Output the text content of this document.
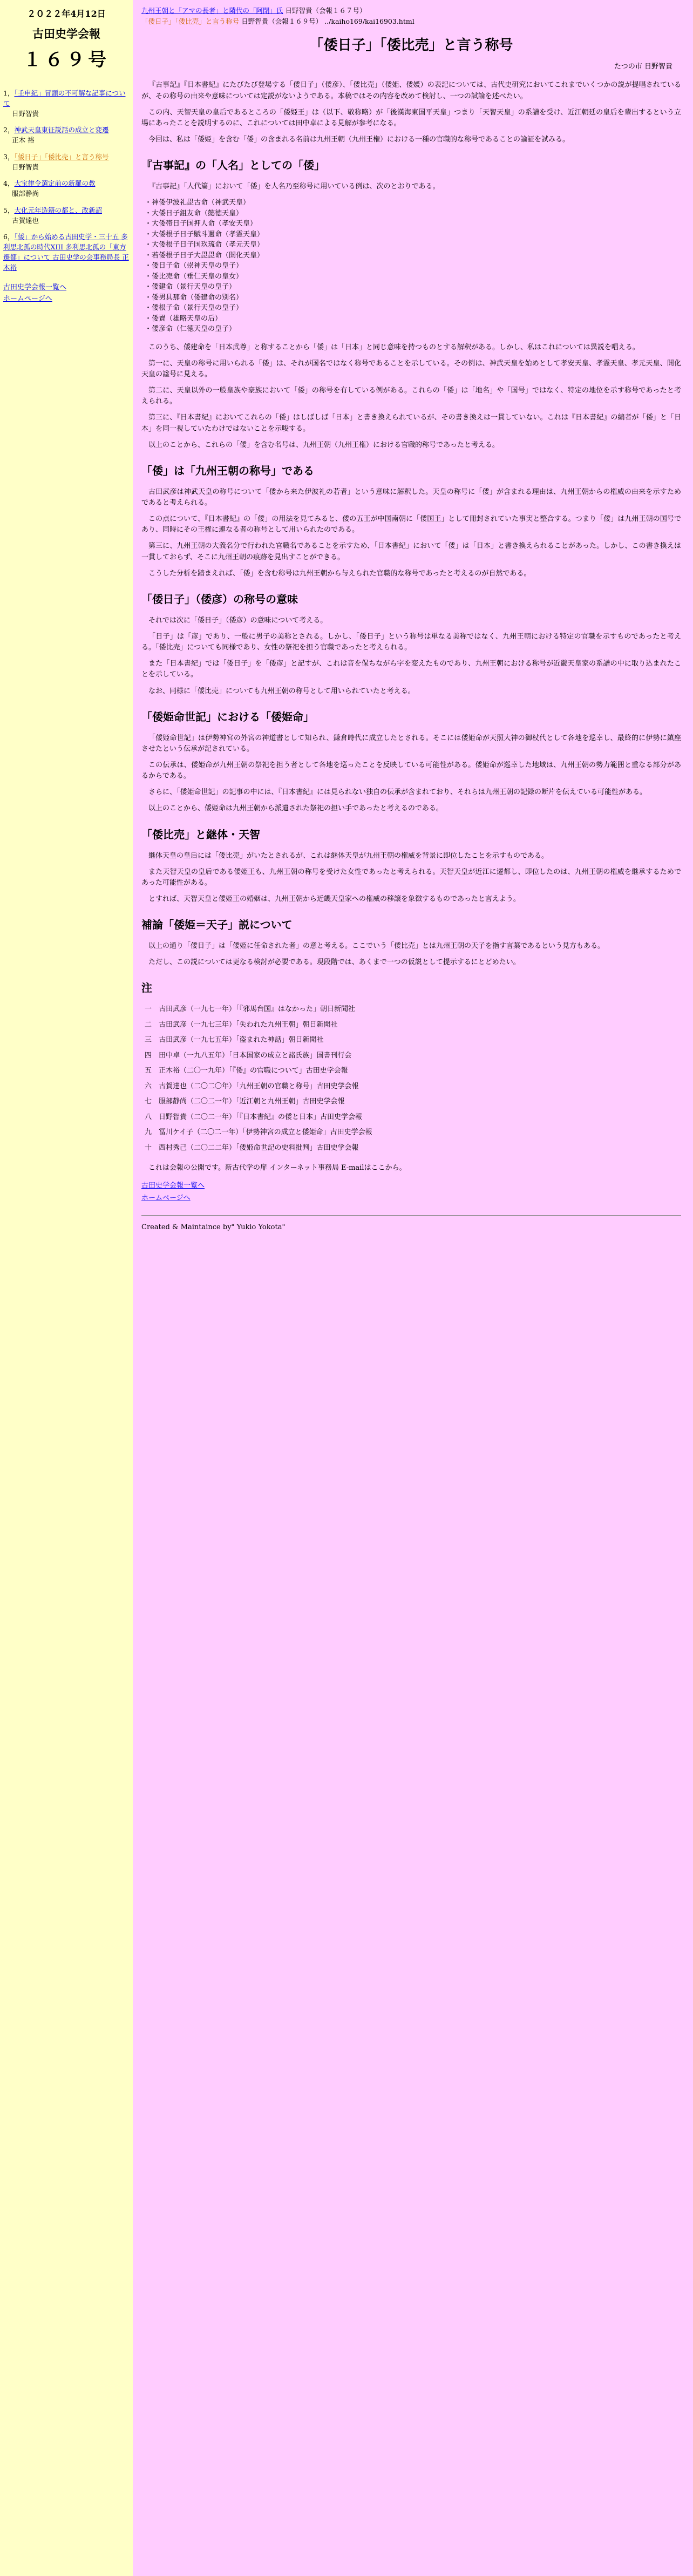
２０２２年4月12日
古田史学会報
１６９号
1，「壬申紀」冒頭の不可解な記事について
日野智貴
2，神武天皇東征説話の成立と変遷
正木 裕
3，「倭日子」「倭比売」と言う称号
日野智貴
4，大宝律令選定前の新羅の教
服部静尚
5，大化元年造籍の都と、改新詔
古賀達也
6，「倭」から始める古田史学・三十五 多利思北孤の時代XIII 多利思北孤の「東方遷都」について 古田史学の会事務局長 正木裕
古田史学会報一覧へ
ホームページへ
九州王朝と「アマの長者」と隣代の「阿閉」氏 日野智貴（会報１６７号）
「倭日子」「倭比売」と言う称号 日野智貴（会報１６９号） ../kaiho169/kai16903.html
「倭日子」「倭比売」と言う称号
たつの市 日野智貴

『古事記』『日本書紀』にたびたび登場する「倭日子」（倭彦）、「倭比売」（倭姫、倭媛）の表記については、古代史研究においてこれまでいくつかの説が提唱されているが、その称号の由来や意味については定説がないようである。本稿ではその内容を改めて検討し、一つの試論を述べたい。

この内、天智天皇の皇后であるところの「倭姫王」は（以下、敬称略）が「後漢海東国平天皇」つまり「天智天皇」の系譜を受け、近江朝廷の皇后を輩出するという立場にあったことを説明するのに、これについては田中卓による見解が参考になる。

今回は、私は「倭姫」を含む「倭」の含まれる名前は九州王朝（九州王権）における一種の官職的な称号であることの論証を試みる。

『古事記』の「人名」としての「倭」

『古事記』「人代篇」において「倭」を人名乃至称号に用いている例は、次のとおりである。

・神倭伊波礼毘古命（神武天皇）
・大倭日子鉏友命（懿徳天皇）
・大倭帯日子国押人命（孝安天皇）
・大倭根子日子賦斗邇命（孝霊天皇）
・大倭根子日子国玖琉命（孝元天皇）
・若倭根子日子大毘毘命（開化天皇）
・倭日子命（崇神天皇の皇子）
・倭比売命（垂仁天皇の皇女）
・倭建命（景行天皇の皇子）
・倭男具那命（倭建命の別名）
・倭根子命（景行天皇の皇子）
・倭賣（雄略天皇の后）
・倭彦命（仁徳天皇の皇子）

このうち、倭建命を「日本武尊」と称することから「倭」は「日本」と同じ意味を持つものとする解釈がある。しかし、私はこれについては異説を唱える。

第一に、天皇の称号に用いられる「倭」は、それが国名ではなく称号であることを示している。その例は、神武天皇を始めとして孝安天皇、孝霊天皇、孝元天皇、開化天皇の諡号に見える。

第二に、天皇以外の一般皇族や豪族において「倭」の称号を有している例がある。これらの「倭」は「地名」や「国号」ではなく、特定の地位を示す称号であったと考えられる。

第三に、『日本書紀』においてこれらの「倭」はしばしば「日本」と書き換えられているが、その書き換えは一貫していない。これは『日本書紀』の編者が「倭」と「日本」を同一視していたわけではないことを示唆する。

以上のことから、これらの「倭」を含む名号は、九州王朝（九州王権）における官職的称号であったと考える。

「倭」は「九州王朝の称号」である

古田武彦は神武天皇の称号について「倭から来た伊波礼の若者」という意味に解釈した。天皇の称号に「倭」が含まれる理由は、九州王朝からの権威の由来を示すためであると考えられる。

この点について、『日本書紀』の「倭」の用法を見てみると、倭の五王が中国南朝に「倭国王」として冊封されていた事実と整合する。つまり「倭」は九州王朝の国号であり、同時にその王権に連なる者の称号として用いられたのである。

第三に、九州王朝の大義名分で行われた官職名であることを示すため、「日本書紀」において「倭」は「日本」と書き換えられることがあった。しかし、この書き換えは一貫しておらず、そこに九州王朝の痕跡を見出すことができる。

こうした分析を踏まえれば、「倭」を含む称号は九州王朝から与えられた官職的な称号であったと考えるのが自然である。

「倭日子」（倭彦）の称号の意味

それでは次に「倭日子」（倭彦）の意味について考える。

「日子」は「彦」であり、一般に男子の美称とされる。しかし、「倭日子」という称号は単なる美称ではなく、九州王朝における特定の官職を示すものであったと考える。「倭比売」についても同様であり、女性の祭祀を担う官職であったと考えられる。

また「日本書紀」では「倭日子」を「倭彦」と記すが、これは音を保ちながら字を変えたものであり、九州王朝における称号が近畿天皇家の系譜の中に取り込まれたことを示している。

なお、同様に「倭比売」についても九州王朝の称号として用いられていたと考える。

「倭姫命世記」における「倭姫命」

「倭姫命世記」は伊勢神宮の外宮の神道書として知られ、鎌倉時代に成立したとされる。そこには倭姫命が天照大神の御杖代として各地を巡幸し、最終的に伊勢に鎮座させたという伝承が記されている。

この伝承は、倭姫命が九州王朝の祭祀を担う者として各地を巡ったことを反映している可能性がある。倭姫命が巡幸した地域は、九州王朝の勢力範囲と重なる部分があるからである。

さらに、「倭姫命世記」の記事の中には、『日本書紀』には見られない独自の伝承が含まれており、それらは九州王朝の記録の断片を伝えている可能性がある。

以上のことから、倭姫命は九州王朝から派遣された祭祀の担い手であったと考えるのである。

「倭比売」と継体・天智

継体天皇の皇后には「倭比売」がいたとされるが、これは継体天皇が九州王朝の権威を背景に即位したことを示すものである。

また天智天皇の皇后である倭姫王も、九州王朝の称号を受けた女性であったと考えられる。天智天皇が近江に遷都し、即位したのは、九州王朝の権威を継承するためであった可能性がある。

とすれば、天智天皇と倭姫王の婚姻は、九州王朝から近畿天皇家への権威の移譲を象徴するものであったと言えよう。

補論「倭姫＝天子」説について

以上の通り「倭日子」は「倭姫に任命された者」の意と考える。ここでいう「倭比売」とは九州王朝の天子を指す言葉であるという見方もある。

ただし、この説については更なる検討が必要である。現段階では、あくまで一つの仮説として提示するにとどめたい。

注
一　古田武彦（一九七一年）「『邪馬台国』はなかった」朝日新聞社
二　古田武彦（一九七三年）「失われた九州王朝」朝日新聞社
三　古田武彦（一九七五年）「盗まれた神話」朝日新聞社
四　田中卓（一九八五年）「日本国家の成立と諸氏族」国書刊行会
五　正木裕（二〇一九年）「『倭』の官職について」古田史学会報
六　古賀達也（二〇二〇年）「九州王朝の官職と称号」古田史学会報
七　服部静尚（二〇二一年）「近江朝と九州王朝」古田史学会報
八　日野智貴（二〇二一年）「『日本書紀』の倭と日本」古田史学会報
九　冨川ケイ子（二〇二一年）「伊勢神宮の成立と倭姫命」古田史学会報
十　西村秀己（二〇二二年）「倭姫命世記の史料批判」古田史学会報

これは会報の公開です。新古代学の扉 インターネット事務局 E-mailはここから。

古田史学会報一覧へ
ホームページへ
Created & Maintaince by" Yukio Yokota"
